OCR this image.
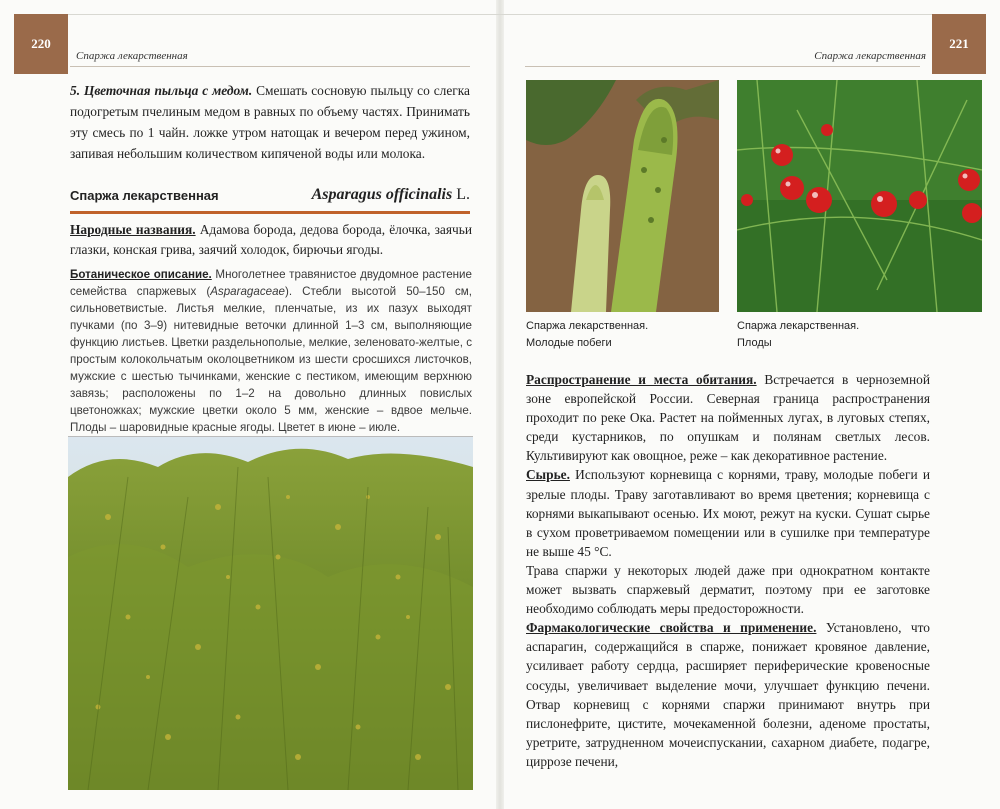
220	221
Спаржа лекарственная	Спаржа лекарственная
5. Цветочная пыльца с медом. Смешать сосновую пыльцу со слегка подогретым пчелиным медом в равных по объему частях. Принимать эту смесь по 1 чайн. ложке утром натощак и вечером перед ужином, запивая небольшим количеством кипяченой воды или молока.
Спаржа лекарственная	Asparagus officinalis L.
Народные названия. Адамова борода, дедова борода, ёлочка, заячьи глазки, конская грива, заячий холодок, бирючьи ягоды.
Ботаническое описание. Многолетнее травянистое двудомное растение семейства спаржевых (Asparagaceae). Стебли высотой 50–150 см, сильноветвистые. Листья мелкие, пленчатые, из их пазух выходят пучками (по 3–9) нитевидные веточки длинной 1–3 см, выполняющие функцию листьев. Цветки раздельнополые, мелкие, зеленовато-желтые, с простым колокольчатым околоцветником из шести сросшихся листочков, мужские с шестью тычинками, женские с пестиком, имеющим верхнюю завязь; расположены по 1–2 на довольно длинных повислых цветоножках; мужские цветки около 5 мм, женские – вдвое мельче. Плоды – шаровидные красные ягоды. Цветет в июне – июле.
Спаржа лекарственная.
Молодые побеги
Спаржа лекарственная.
Плоды

Распространение и места обитания. Встречается в черноземной зоне европейской России. Северная граница распространения проходит по реке Ока. Растет на пойменных лугах, в луговых степях, среди кустарников, по опушкам и полянам светлых лесов. Культивируют как овощное, реже – как декоративное растение.

Сырье. Используют корневища с корнями, траву, молодые побеги и зрелые плоды. Траву заготавливают во время цветения; корневища с корнями выкапывают осенью. Их моют, режут на куски. Сушат сырье в сухом проветриваемом помещении или в сушилке при температуре не выше 45 °С.

Трава спаржи у некоторых людей даже при однократном контакте может вызвать спаржевый дерматит, поэтому при ее заготовке необходимо соблюдать меры предосторожности.

Фармакологические свойства и применение. Установлено, что аспарагин, содержащийся в спарже, понижает кровяное давление, усиливает работу сердца, расширяет периферические кровеносные сосуды, увеличивает выделение мочи, улучшает функцию печени. Отвар корневищ с корнями спаржи принимают внутрь при пислонефрите, цистите, мочекаменной болезни, аденоме простаты, уретрите, затрудненном мочеиспускании, сахарном диабете, подагре, циррозе печени,
